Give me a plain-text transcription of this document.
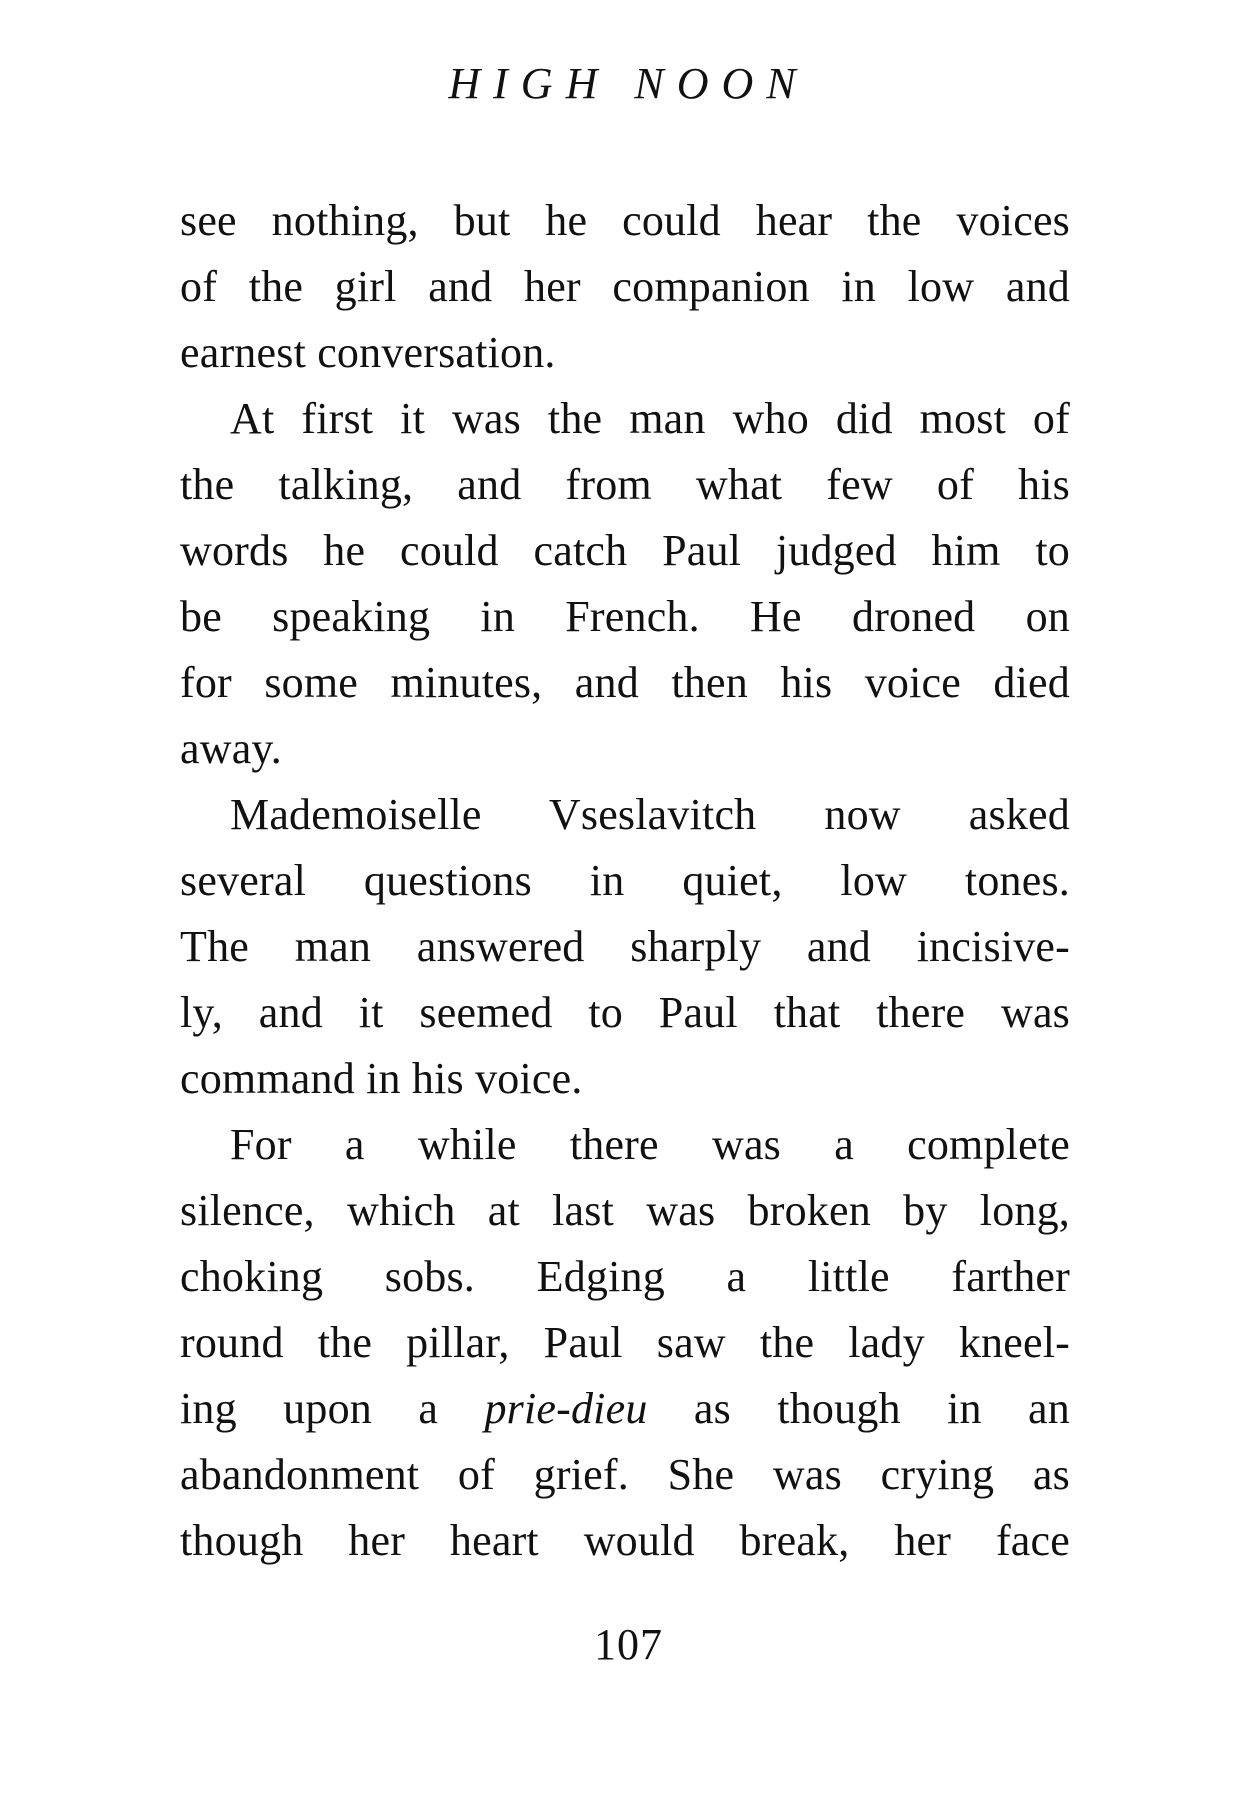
HIGH NOON
see nothing, but he could hear the voices
of the girl and her companion in low and
earnest conversation.
At first it was the man who did most of
the talking, and from what few of his
words he could catch Paul judged him to
be speaking in French. He droned on
for some minutes, and then his voice died
away.
Mademoiselle Vseslavitch now asked
several questions in quiet, low tones.
The man answered sharply and incisive-
ly, and it seemed to Paul that there was
command in his voice.
For a while there was a complete
silence, which at last was broken by long,
choking sobs. Edging a little farther
round the pillar, Paul saw the lady kneel-
ing upon a prie-dieu as though in an
abandonment of grief. She was crying as
though her heart would break, her face
107
